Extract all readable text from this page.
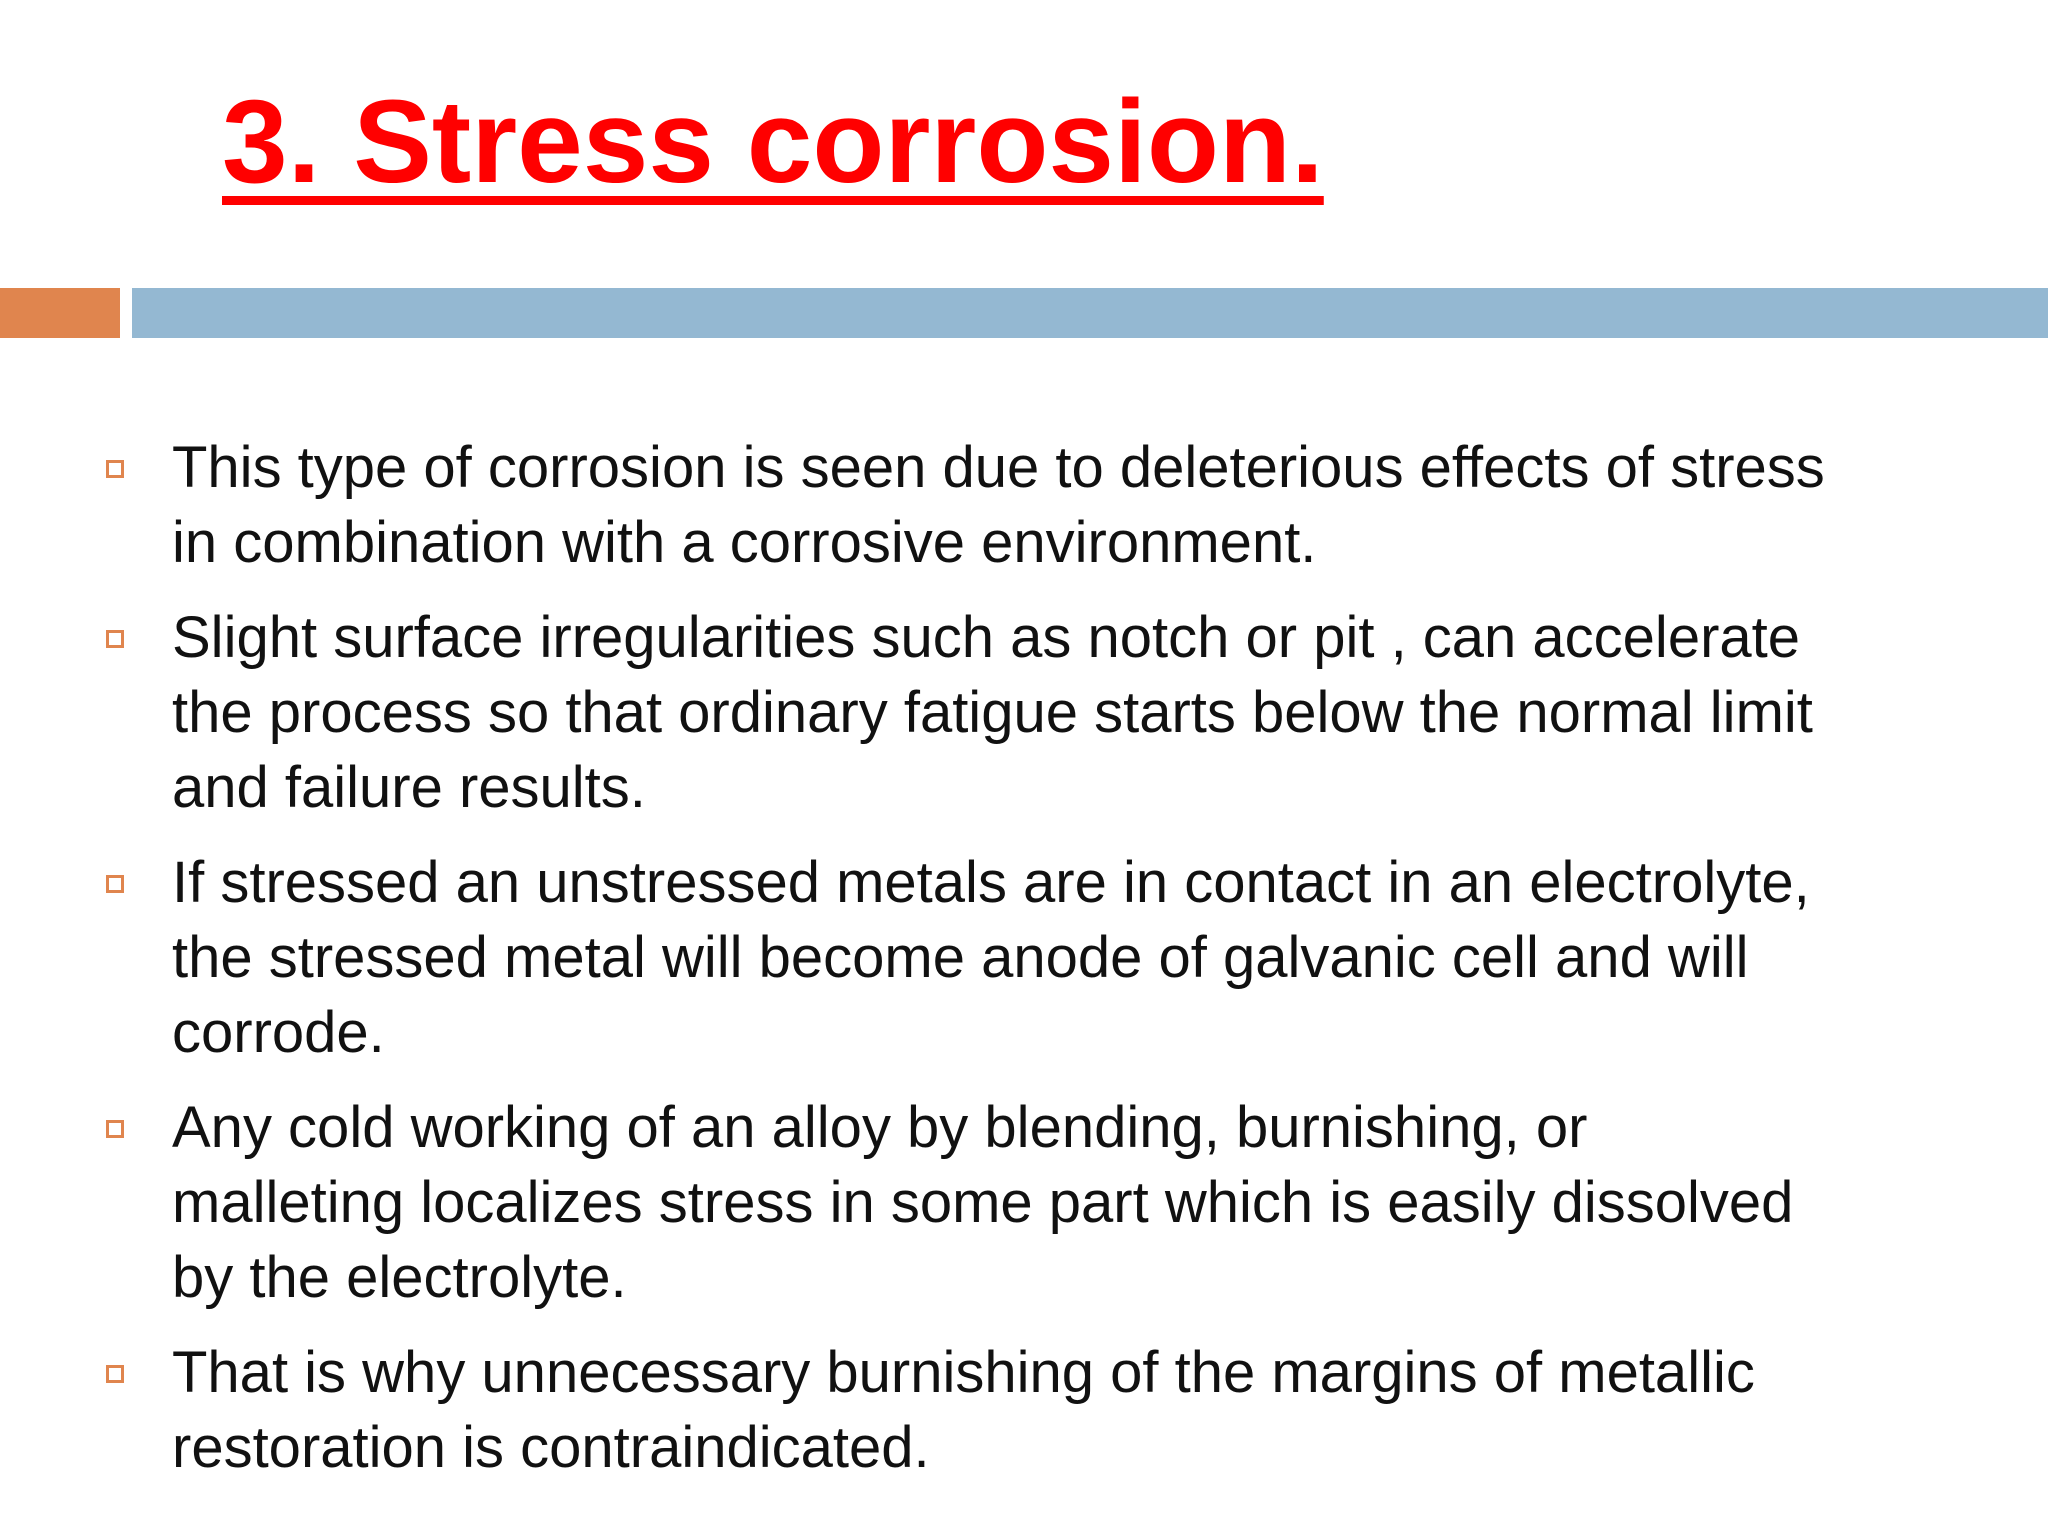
3. Stress corrosion.
This type of corrosion is seen due to deleterious effects of stress
in combination with a corrosive environment.
Slight surface irregularities such as notch or pit , can accelerate
the process so that ordinary fatigue starts below the normal limit
and failure results.
If stressed an unstressed metals are in contact in an electrolyte,
the stressed metal will become anode of galvanic cell and will
corrode.
Any cold working of an alloy by blending, burnishing, or
malleting localizes stress in some part which is easily dissolved
by the electrolyte.
That is why unnecessary burnishing of the margins of metallic
restoration is contraindicated.
